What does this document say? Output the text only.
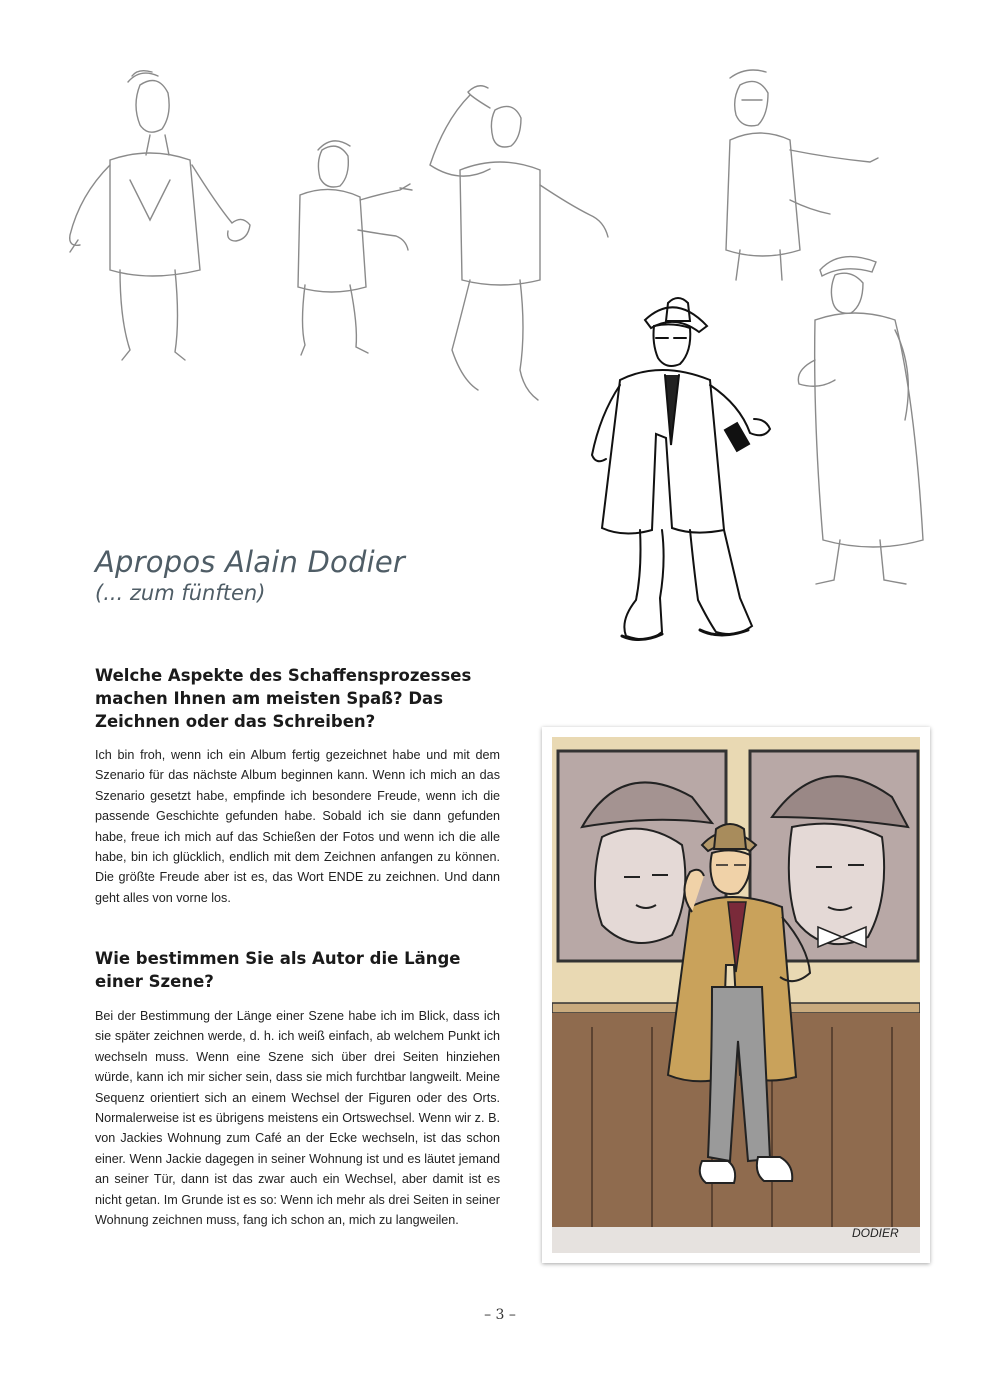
Apropos Alain Dodier

(... zum fünften)

Welche Aspekte des Schaffensprozesses machen Ihnen am meisten Spaß? Das Zeichnen oder das Schreiben?

Ich bin froh, wenn ich ein Album fertig gezeichnet habe und mit dem Szenario für das nächste Album beginnen kann. Wenn ich mich an das Szenario gesetzt habe, empfinde ich besondere Freude, wenn ich die passende Geschichte gefunden habe. Sobald ich sie dann gefunden habe, freue ich mich auf das Schießen der Fotos und wenn ich die alle habe, bin ich glücklich, endlich mit dem Zeichnen anfangen zu können. Die größte Freude aber ist es, das Wort ENDE zu zeichnen. Und dann geht alles von vorne los.

Wie bestimmen Sie als Autor die Länge einer Szene?

Bei der Bestimmung der Länge einer Szene habe ich im Blick, dass ich sie später zeichnen werde, d. h. ich weiß einfach, ab welchem Punkt ich wechseln muss. Wenn eine Szene sich über drei Seiten hinziehen würde, kann ich mir sicher sein, dass sie mich furchtbar langweilt. Meine Sequenz orientiert sich an einem Wechsel der Figuren oder des Orts. Normalerweise ist es übrigens meistens ein Ortswechsel. Wenn wir z. B. von Jackies Wohnung zum Café an der Ecke wechseln, ist das schon einer. Wenn Jackie dagegen in seiner Wohnung ist und es läutet jemand an seiner Tür, dann ist das zwar auch ein Wechsel, aber damit ist es nicht getan. Im Grunde ist es so: Wenn ich mehr als drei Seiten in seiner Wohnung zeichnen muss, fang ich schon an, mich zu langweilen.

DODIER
– 3 –
